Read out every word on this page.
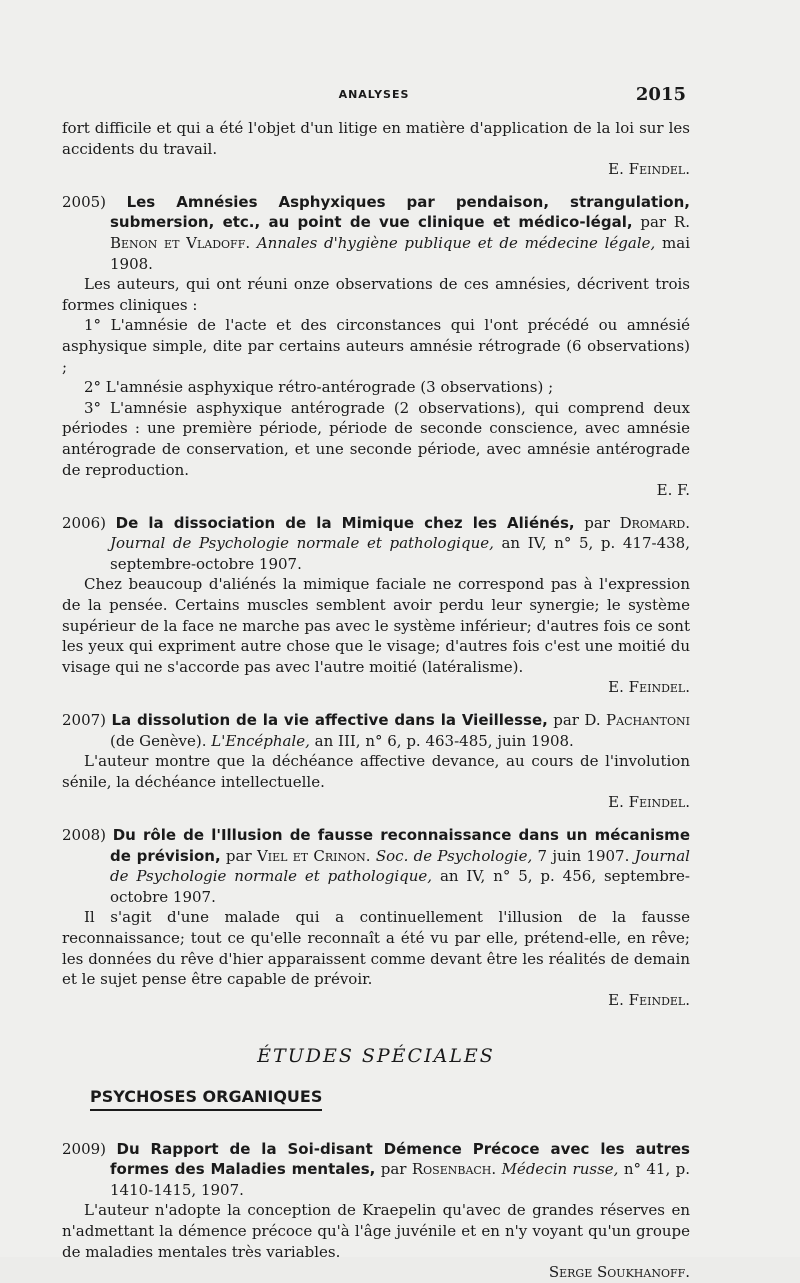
ANALYSES	2015

fort difficile et qui a été l'objet d'un litige en matière d'application de la loi sur les accidents du travail.

E. Feindel.

2005) Les Amnésies Asphyxiques par pendaison, strangulation, submersion, etc., au point de vue clinique et médico-légal, par R. Benon et Vladoff. Annales d'hygiène publique et de médecine légale, mai 1908.

Les auteurs, qui ont réuni onze observations de ces amnésies, décrivent trois formes cliniques :

1° L'amnésie de l'acte et des circonstances qui l'ont précédé ou amnésié asphysique simple, dite par certains auteurs amnésie rétrograde (6 observations) ;

2° L'amnésie asphyxique rétro-antérograde (3 observations) ;

3° L'amnésie asphyxique antérograde (2 observations), qui comprend deux périodes : une première période, période de seconde conscience, avec amnésie antérograde de conservation, et une seconde période, avec amnésie antérograde de reproduction.

E. F.

2006) De la dissociation de la Mimique chez les Aliénés, par Dromard. Journal de Psychologie normale et pathologique, an IV, n° 5, p. 417-438, septembre-octobre 1907.

Chez beaucoup d'aliénés la mimique faciale ne correspond pas à l'expression de la pensée. Certains muscles semblent avoir perdu leur synergie; le système supérieur de la face ne marche pas avec le système inférieur; d'autres fois ce sont les yeux qui expriment autre chose que le visage; d'autres fois c'est une moitié du visage qui ne s'accorde pas avec l'autre moitié (latéralisme).

E. Feindel.

2007) La dissolution de la vie affective dans la Vieillesse, par D. Pachantoni (de Genève). L'Encéphale, an III, n° 6, p. 463-485, juin 1908.

L'auteur montre que la déchéance affective devance, au cours de l'involution sénile, la déchéance intellectuelle.

E. Feindel.

2008) Du rôle de l'Illusion de fausse reconnaissance dans un mécanisme de prévision, par Viel et Crinon. Soc. de Psychologie, 7 juin 1907. Journal de Psychologie normale et pathologique, an IV, n° 5, p. 456, septembre-octobre 1907.

Il s'agit d'une malade qui a continuellement l'illusion de la fausse reconnaissance; tout ce qu'elle reconnaît a été vu par elle, prétend-elle, en rêve; les données du rêve d'hier apparaissent comme devant être les réalités de demain et le sujet pense être capable de prévoir.

E. Feindel.

ÉTUDES SPÉCIALES

PSYCHOSES ORGANIQUES

2009) Du Rapport de la Soi-disant Démence Précoce avec les autres formes des Maladies mentales, par Rosenbach. Médecin russe, n° 41, p. 1410-1415, 1907.

L'auteur n'adopte la conception de Kraepelin qu'avec de grandes réserves en n'admettant la démence précoce qu'à l'âge juvénile et en n'y voyant qu'un groupe de maladies mentales très variables.

Serge Soukhanoff.
